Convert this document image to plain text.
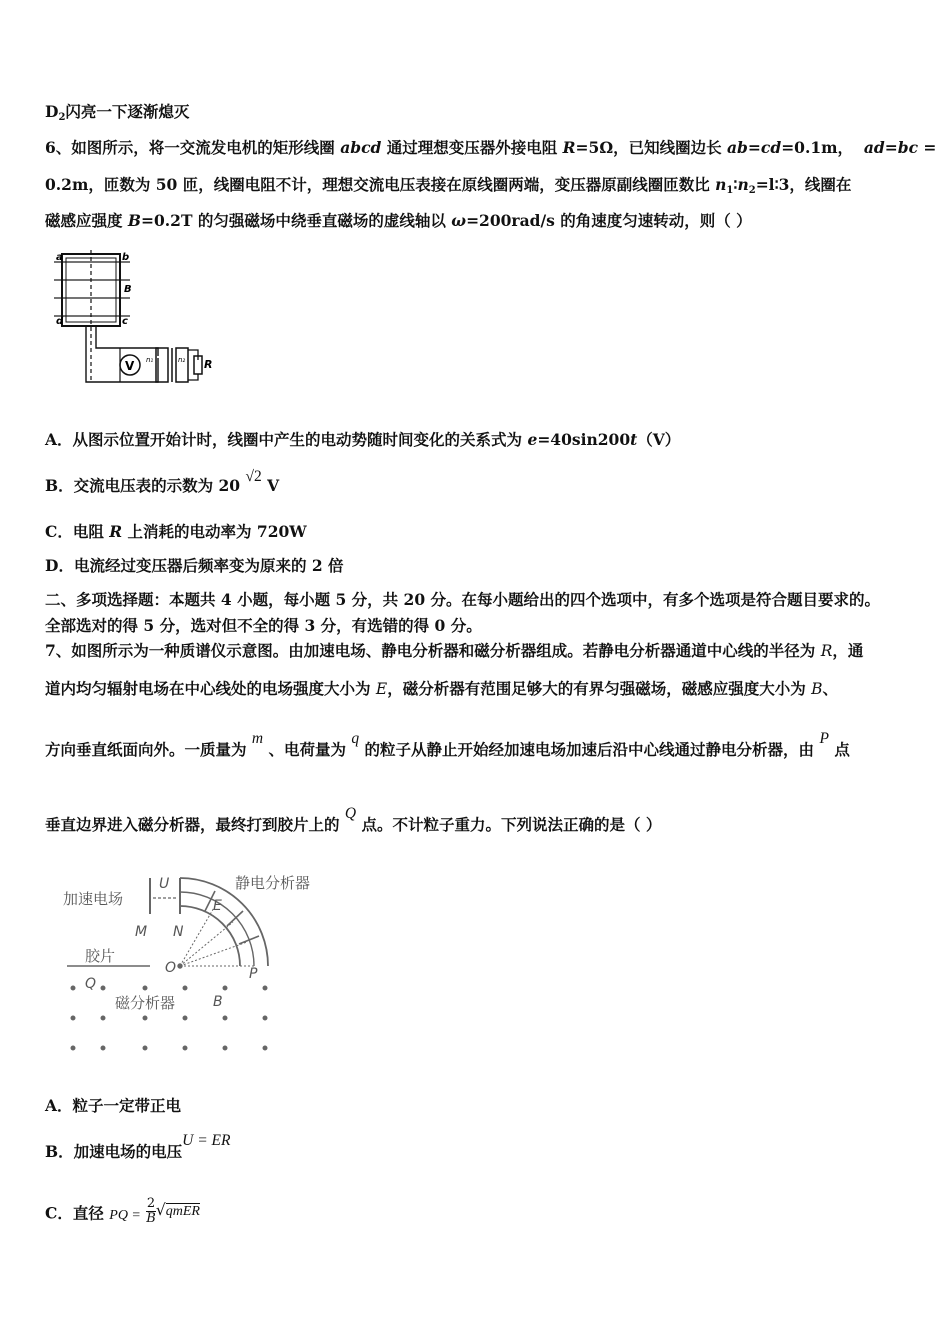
$D_2$闪亮一下逐渐熄灭
6、如图所示，将一交流发电机的矩形线圈 abcd 通过理想变压器外接电阻 R=5Ω，已知线圈边长 ab=cd=0.1m， ad=bc =
0.2m，匝数为 50 匝，线圈电阻不计，理想交流电压表接在原线圈两端，变压器原副线圈匝数比 $n_1∶n_2=l∶3$，线圈在
磁感应强度 B=0.2T 的匀强磁场中绕垂直磁场的虚线轴以 ω=200rad/s 的角速度匀速转动，则（ ）
V
a	b
d	c
B
n₁	n₂ R
A．从图示位置开始计时，线圈中产生的电动势随时间变化的关系式为 e=40sin200t（V）
B．交流电压表的示数为 20 √2 V
C．电阻 R 上消耗的电动率为 720W
D．电流经过变压器后频率变为原来的 2 倍
二、多项选择题：本题共 4 小题，每小题 5 分，共 20 分。在每小题给出的四个选项中，有多个选项是符合题目要求的。
全部选对的得 5 分，选对但不全的得 3 分，有选错的得 0 分。
7、如图所示为一种质谱仪示意图。由加速电场、静电分析器和磁分析器组成。若静电分析器通道中心线的半径为 R，通
道内均匀辐射电场在中心线处的电场强度大小为 E，磁分析器有范围足够大的有界匀强磁场，磁感应强度大小为 B、
方向垂直纸面向外。一质量为 m 、电荷量为 q 的粒子从静止开始经加速电场加速后沿中心线通过静电分析器，由 P 点
垂直边界进入磁分析器，最终打到胶片上的 Q 点。不计粒子重力。下列说法正确的是（ ）
加速电场
U
M N
静电分析器
E
胶片
Q
O	P
磁分析器	B
A．粒子一定带正电
B．加速电场的电压U = ER
C．直径 PQ = $\frac{2}{B}$ √qmER
